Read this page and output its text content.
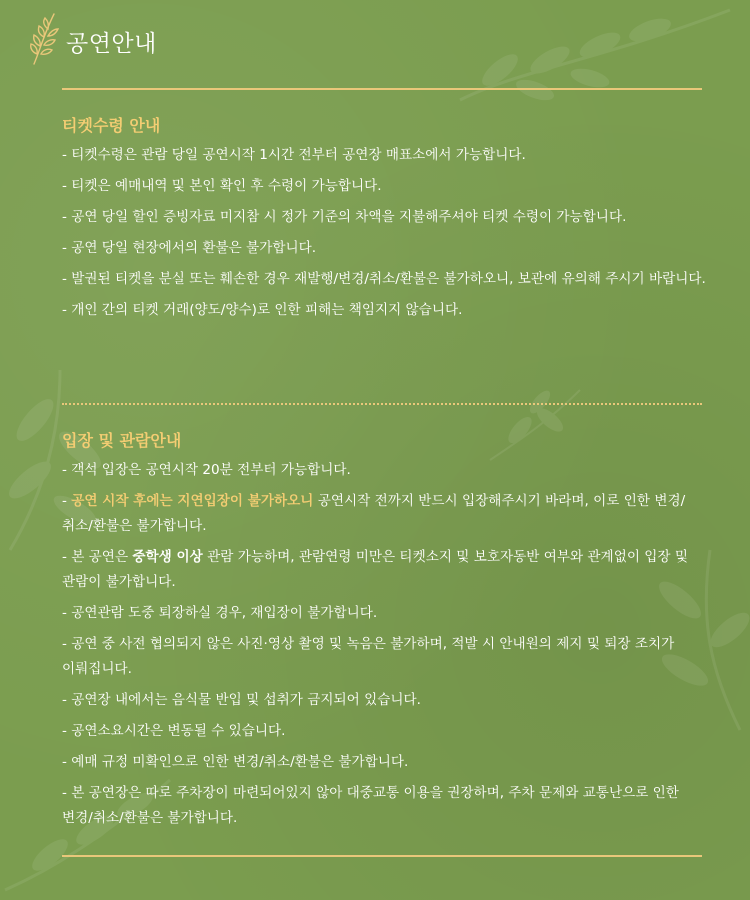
공연안내
티켓수령 안내
- 티켓수령은 관람 당일 공연시작 1시간 전부터 공연장 매표소에서 가능합니다.
- 티켓은 예매내역 및 본인 확인 후 수령이 가능합니다.
- 공연 당일 할인 증빙자료 미지참 시 정가 기준의 차액을 지불해주셔야 티켓 수령이 가능합니다.
- 공연 당일 현장에서의 환불은 불가합니다.
- 발권된 티켓을 분실 또는 훼손한 경우 재발행/변경/취소/환불은 불가하오니, 보관에 유의해 주시기 바랍니다.
- 개인 간의 티켓 거래(양도/양수)로 인한 피해는 책임지지 않습니다.
입장 및 관람안내
- 객석 입장은 공연시작 20분 전부터 가능합니다.
- 공연 시작 후에는 지연입장이 불가하오니 공연시작 전까지 반드시 입장해주시기 바라며, 이로 인한 변경/취소/환불은 불가합니다.
- 본 공연은 중학생 이상 관람 가능하며, 관람연령 미만은 티켓소지 및 보호자동반 여부와 관계없이 입장 및 관람이 불가합니다.
- 공연관람 도중 퇴장하실 경우, 재입장이 불가합니다.
- 공연 중 사전 협의되지 않은 사진·영상 촬영 및 녹음은 불가하며, 적발 시 안내원의 제지 및 퇴장 조치가 이뤄집니다.
- 공연장 내에서는 음식물 반입 및 섭취가 금지되어 있습니다.
- 공연소요시간은 변동될 수 있습니다.
- 예매 규정 미확인으로 인한 변경/취소/환불은 불가합니다.
- 본 공연장은 따로 주차장이 마련되어있지 않아 대중교통 이용을 권장하며, 주차 문제와 교통난으로 인한 변경/취소/환불은 불가합니다.
